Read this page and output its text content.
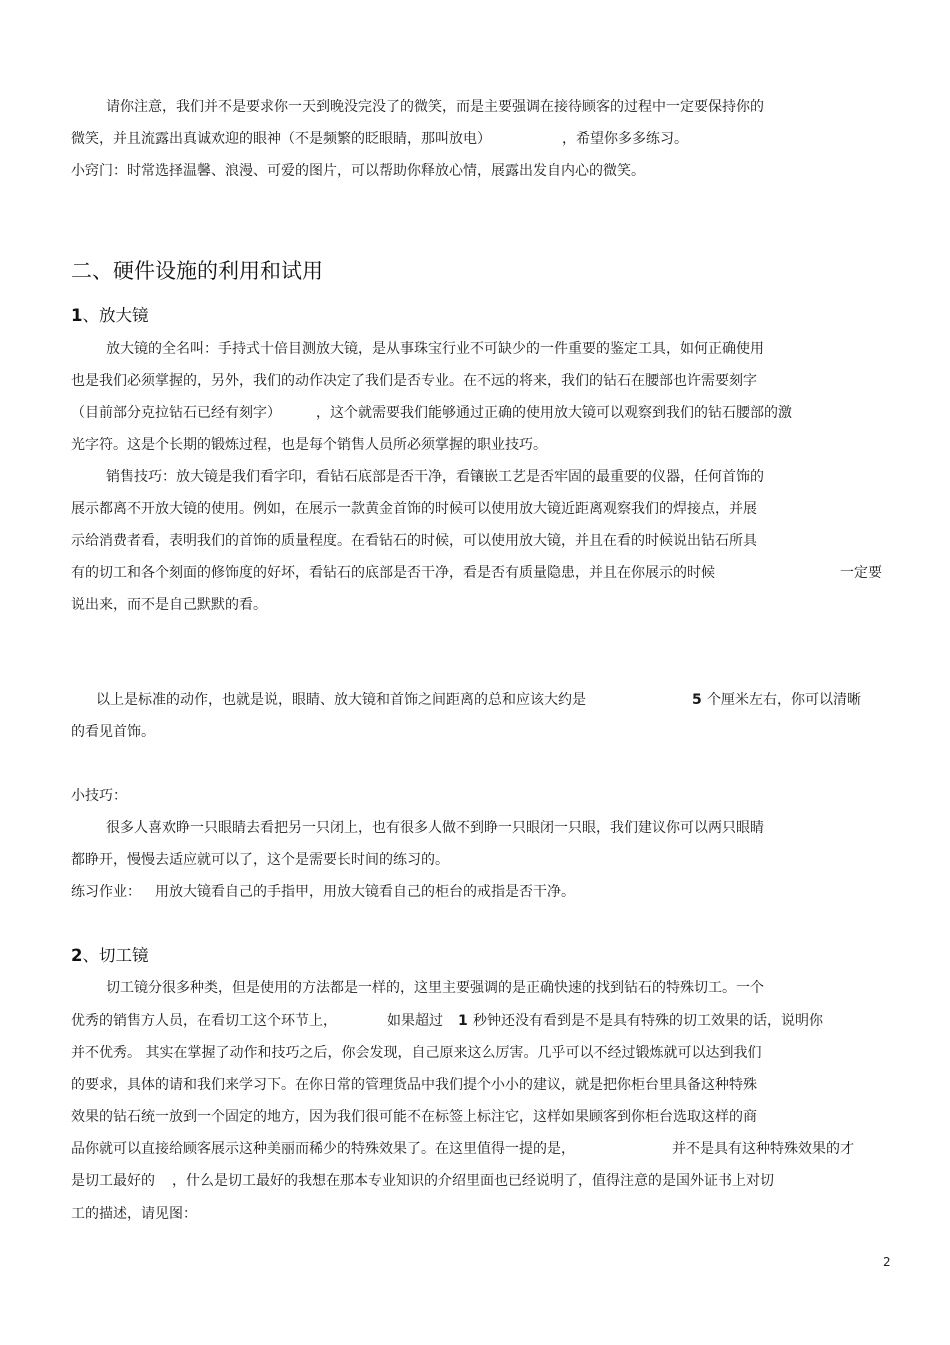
请你注意，我们并不是要求你一天到晚没完没了的微笑，而是主要强调在接待顾客的过程中一定要保持你的
微笑，并且流露出真诚欢迎的眼神（不是频繁的眨眼睛，那叫放电）	，希望你多多练习。
小窍门：时常选择温馨、浪漫、可爱的图片，可以帮助你释放心情，展露出发自内心的微笑。
二、硬件设施的利用和试用
1、放大镜
放大镜的全名叫：手持式十倍目测放大镜，是从事珠宝行业不可缺少的一件重要的鉴定工具，如何正确使用
也是我们必须掌握的，另外，我们的动作决定了我们是否专业。在不远的将来，我们的钻石在腰部也许需要刻字
（目前部分克拉钻石已经有刻字）	，这个就需要我们能够通过正确的使用放大镜可以观察到我们的钻石腰部的激
光字符。这是个长期的锻炼过程，也是每个销售人员所必须掌握的职业技巧。
销售技巧：放大镜是我们看字印，看钻石底部是否干净，看镶嵌工艺是否牢固的最重要的仪器，任何首饰的
展示都离不开放大镜的使用。例如，在展示一款黄金首饰的时候可以使用放大镜近距离观察我们的焊接点，并展
示给消费者看，表明我们的首饰的质量程度。在看钻石的时候，可以使用放大镜，并且在看的时候说出钻石所具
有的切工和各个刻面的修饰度的好坏，看钻石的底部是否干净，看是否有质量隐患，并且在你展示的时候	一定要
说出来，而不是自己默默的看。
以上是标准的动作，也就是说，眼睛、放大镜和首饰之间距离的总和应该大约是	5 个厘米左右，你可以清晰
的看见首饰。
小技巧：
很多人喜欢睁一只眼睛去看把另一只闭上，也有很多人做不到睁一只眼闭一只眼，我们建议你可以两只眼睛
都睁开，慢慢去适应就可以了，这个是需要长时间的练习的。
练习作业： 用放大镜看自己的手指甲，用放大镜看自己的柜台的戒指是否干净。
2、切工镜
切工镜分很多种类，但是使用的方法都是一样的，这里主要强调的是正确快速的找到钻石的特殊切工。一个
优秀的销售方人员，在看切工这个环节上，	如果超过 1 秒钟还没有看到是不是具有特殊的切工效果的话，说明你
并不优秀。 其实在掌握了动作和技巧之后，你会发现，自己原来这么厉害。几乎可以不经过锻炼就可以达到我们
的要求，具体的请和我们来学习下。在你日常的管理货品中我们提个小小的建议，就是把你柜台里具备这种特殊
效果的钻石统一放到一个固定的地方，因为我们很可能不在标签上标注它，这样如果顾客到你柜台选取这样的商
品你就可以直接给顾客展示这种美丽而稀少的特殊效果了。在这里值得一提的是，	并不是具有这种特殊效果的才
是切工最好的 ，什么是切工最好的我想在那本专业知识的介绍里面也已经说明了，值得注意的是国外证书上对切
工的描述，请见图：
2
